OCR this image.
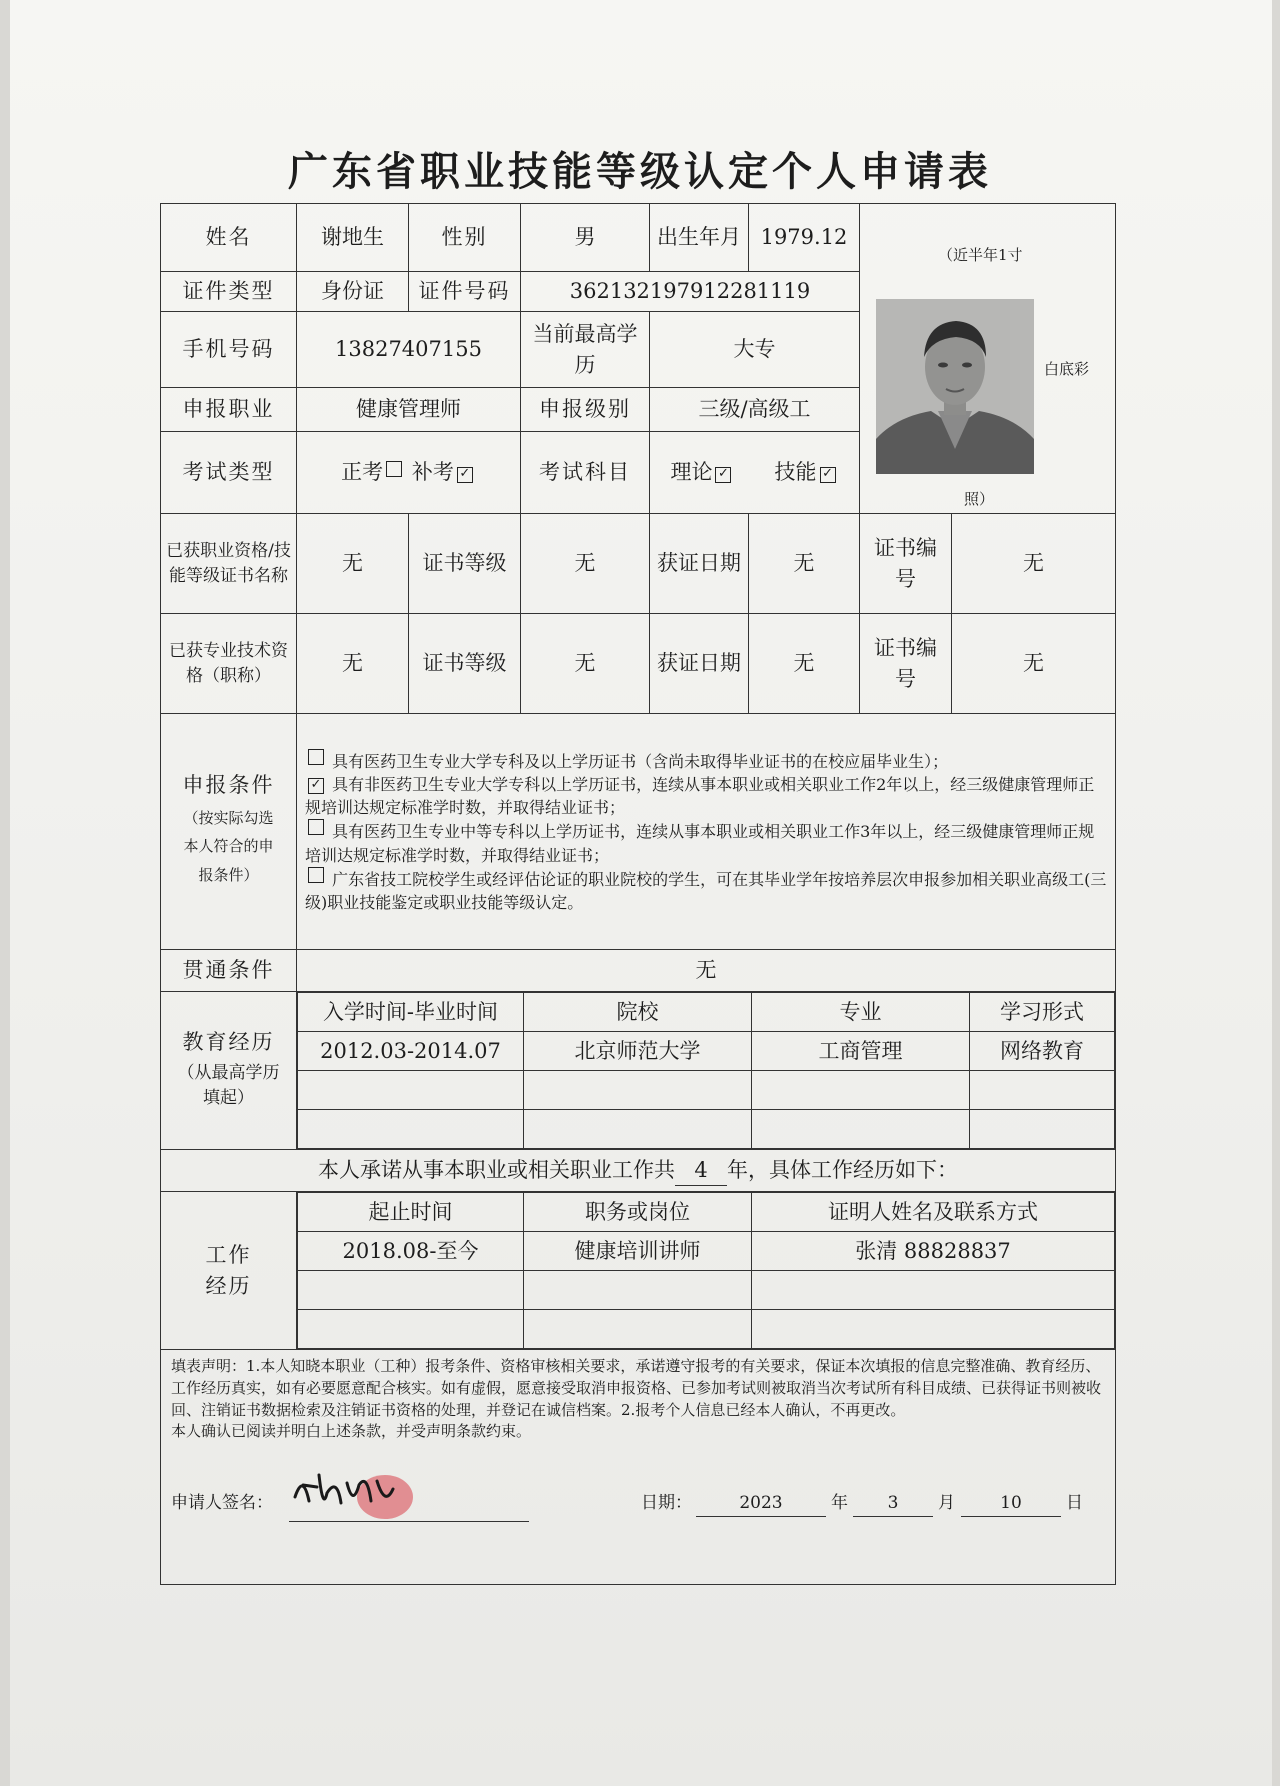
广东省职业技能等级认定个人申请表
姓名	谢地生	性别	男	出生年月	1979.12	
（近半年1寸
白底彩
照）

证件类型	身份证	证件号码	362132197912281119
手机号码	13827407155	当前最高学历	大专
申报职业	健康管理师	申报级别	三级/高级工
考试类型	正考 补考 ✓	考试科目	理论 ✓ 技能 ✓
已获职业资格/技能等级证书名称	无	证书等级	无	获证日期	无	证书编号	无
已获专业技术资格（职称）	无	证书等级	无	获证日期	无	证书编号	无

申报条件
（按实际勾选本人符合的申报条件）

具有医药卫生专业大学专科及以上学历证书（含尚未取得毕业证书的在校应届毕业生）；
✓ 具有非医药卫生专业大学专科以上学历证书，连续从事本职业或相关职业工作2年以上，经三级健康管理师正规培训达规定标准学时数，并取得结业证书；
具有医药卫生专业中等专科以上学历证书，连续从事本职业或相关职业工作3年以上，经三级健康管理师正规培训达规定标准学时数，并取得结业证书；
广东省技工院校学生或经评估论证的职业院校的学生，可在其毕业学年按培养层次申报参加相关职业高级工(三级)职业技能鉴定或职业技能等级认定。

贯通条件	无

教育经历
（从最高学历填起）

入学时间-毕业时间	院校	专业	学习形式
2012.03-2014.07	北京师范大学	工商管理	网络教育

本人承诺从事本职业或相关职业工作共 4 年，具体工作经历如下：
工作经历	
起止时间	职务或岗位	证明人姓名及联系方式
2018.08-至今	健康培训讲师	张清 88828837

填表声明：1.本人知晓本职业（工种）报考条件、资格审核相关要求，承诺遵守报考的有关要求，保证本次填报的信息完整准确、教育经历、工作经历真实，如有必要愿意配合核实。如有虚假，愿意接受取消申报资格、已参加考试则被取消当次考试所有科目成绩、已获得证书则被收回、注销证书数据检索及注销证书资格的处理，并登记在诚信档案。2.报考个人信息已经本人确认，不再更改。
本人确认已阅读并明白上述条款，并受声明条款约束。
申请人签名：	日期：	2023	年	3	月	10	日
